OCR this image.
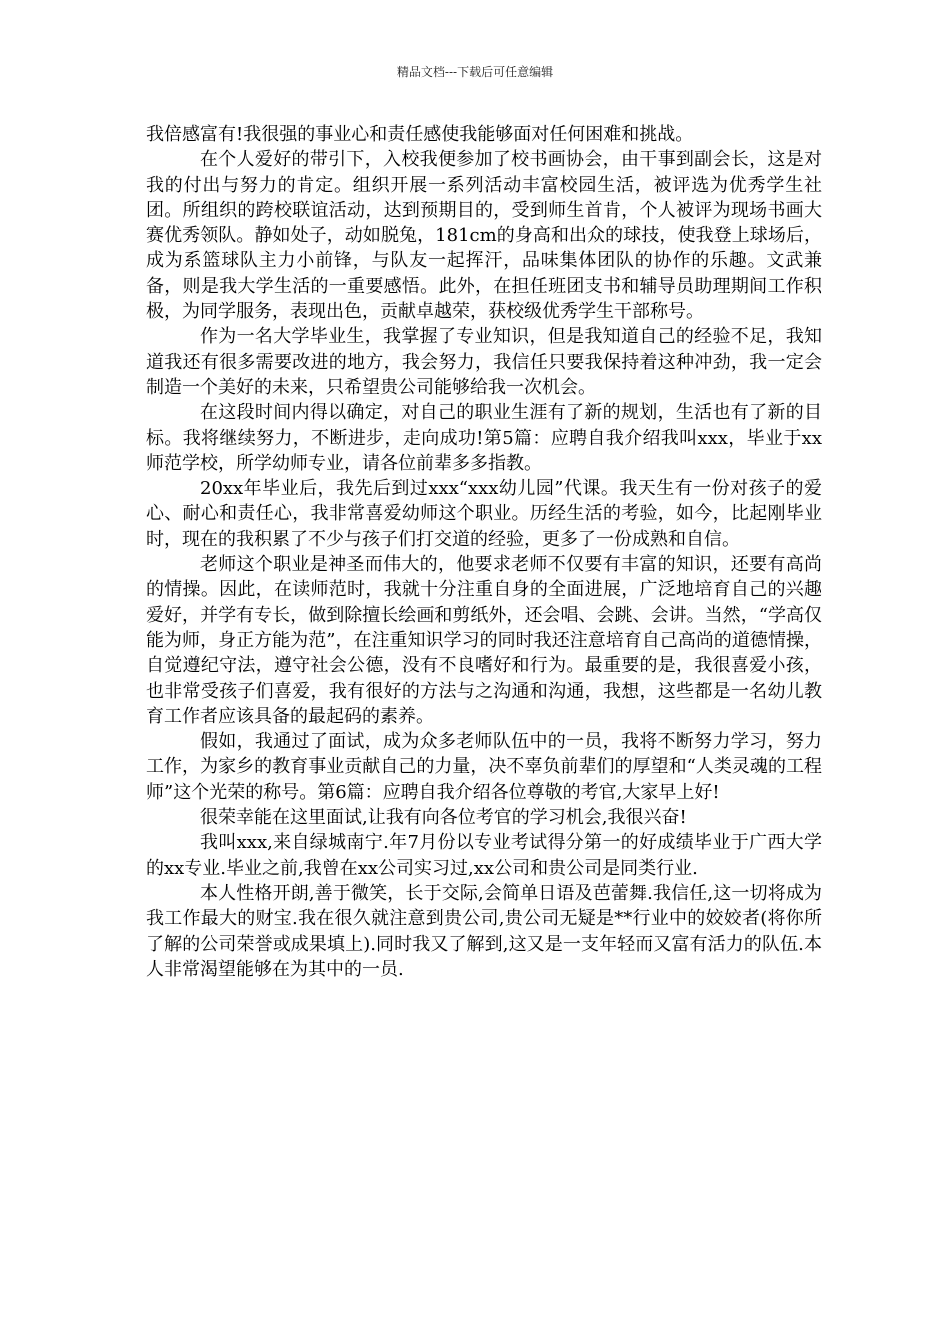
精品文档---下载后可任意编辑

我倍感富有!我很强的事业心和责任感使我能够面对任何困难和挑战。

在个人爱好的带引下，入校我便参加了校书画协会，由干事到副会长，这是对我的付出与努力的肯定。组织开展一系列活动丰富校园生活，被评选为优秀学生社团。所组织的跨校联谊活动，达到预期目的，受到师生首肯，个人被评为现场书画大赛优秀领队。静如处子，动如脱兔，181cm的身高和出众的球技，使我登上球场后，成为系篮球队主力小前锋，与队友一起挥汗，品味集体团队的协作的乐趣。文武兼备，则是我大学生活的一重要感悟。此外，在担任班团支书和辅导员助理期间工作积极，为同学服务，表现出色，贡献卓越荣，获校级优秀学生干部称号。

作为一名大学毕业生，我掌握了专业知识，但是我知道自己的经验不足，我知道我还有很多需要改进的地方，我会努力，我信任只要我保持着这种冲劲，我一定会制造一个美好的未来，只希望贵公司能够给我一次机会。

在这段时间内得以确定，对自己的职业生涯有了新的规划，生活也有了新的目标。我将继续努力，不断进步，走向成功!第5篇：应聘自我介绍我叫xxx，毕业于xx师范学校，所学幼师专业，请各位前辈多多指教。

20xx年毕业后，我先后到过xxx“xxx幼儿园”代课。我天生有一份对孩子的爱心、耐心和责任心，我非常喜爱幼师这个职业。历经生活的考验，如今，比起刚毕业时，现在的我积累了不少与孩子们打交道的经验，更多了一份成熟和自信。

老师这个职业是神圣而伟大的，他要求老师不仅要有丰富的知识，还要有高尚的情操。因此，在读师范时，我就十分注重自身的全面进展，广泛地培育自己的兴趣爱好，并学有专长，做到除擅长绘画和剪纸外，还会唱、会跳、会讲。当然，“学高仅能为师，身正方能为范”，在注重知识学习的同时我还注意培育自己高尚的道德情操，自觉遵纪守法，遵守社会公德，没有不良嗜好和行为。最重要的是，我很喜爱小孩，也非常受孩子们喜爱，我有很好的方法与之沟通和沟通，我想，这些都是一名幼儿教育工作者应该具备的最起码的素养。

假如，我通过了面试，成为众多老师队伍中的一员，我将不断努力学习，努力工作，为家乡的教育事业贡献自己的力量，决不辜负前辈们的厚望和“人类灵魂的工程师”这个光荣的称号。第6篇：应聘自我介绍各位尊敬的考官,大家早上好!

很荣幸能在这里面试,让我有向各位考官的学习机会,我很兴奋!

我叫xxx,来自绿城南宁.年7月份以专业考试得分第一的好成绩毕业于广西大学的xx专业.毕业之前,我曾在xx公司实习过,xx公司和贵公司是同类行业.

本人性格开朗,善于微笑，长于交际,会简单日语及芭蕾舞.我信任,这一切将成为我工作最大的财宝.我在很久就注意到贵公司,贵公司无疑是**行业中的姣姣者(将你所了解的公司荣誉或成果填上).同时我又了解到,这又是一支年轻而又富有活力的队伍.本人非常渴望能够在为其中的一员.
